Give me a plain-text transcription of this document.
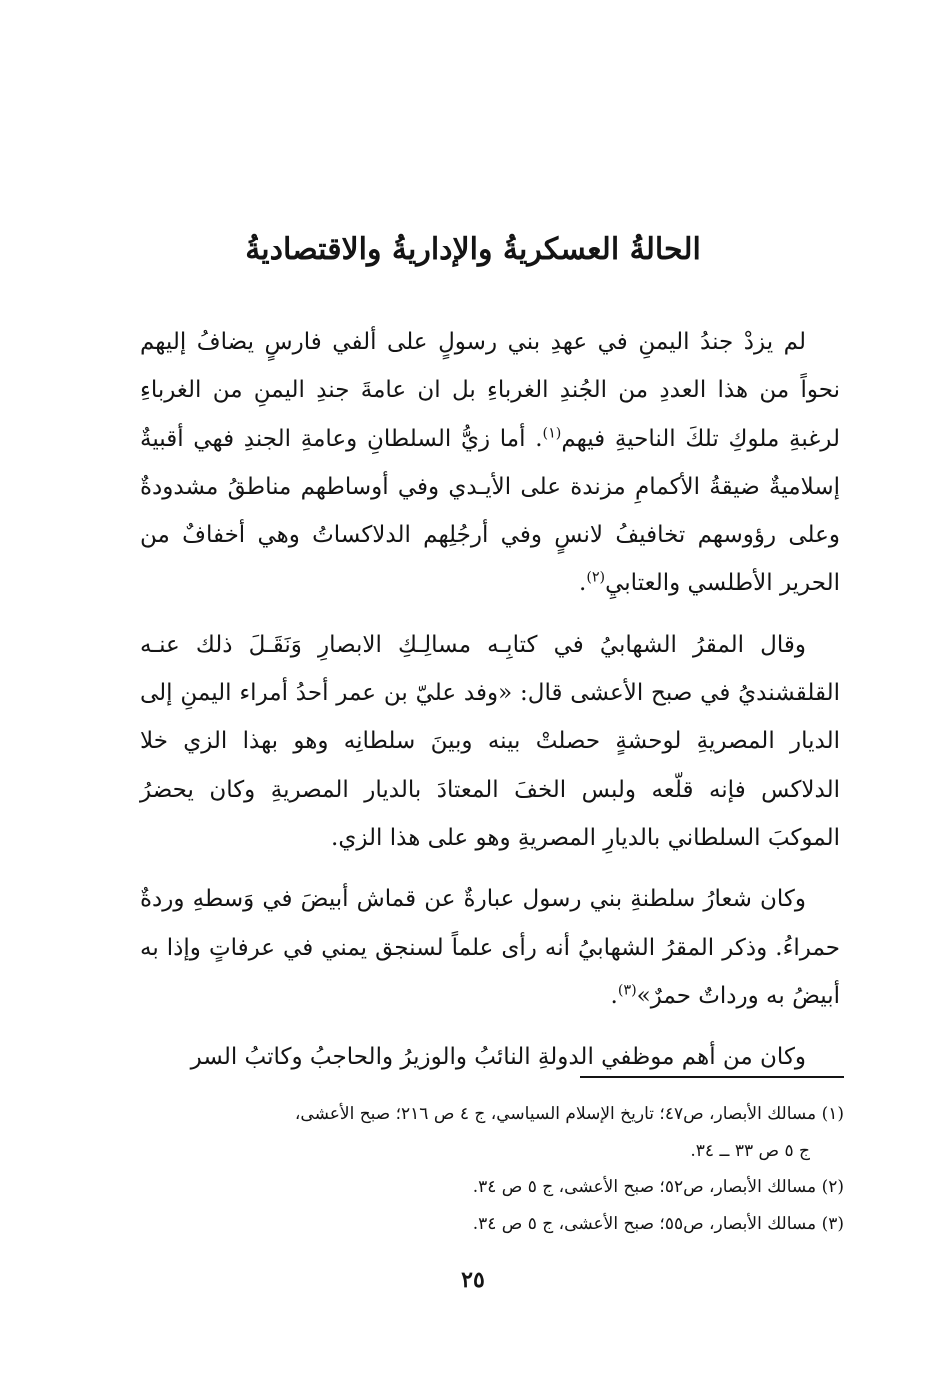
الحالةُ العسكريةُ والإداريةُ والاقتصاديةُ

لم يزدْ جندُ اليمنِ في عهدِ بني رسولٍ على ألفي فارسٍ يضافُ إليهم نحواً من هذا العددِ من الجُندِ الغرباءِ بل ان عامةَ جندِ اليمنِ من الغرباءِ لرغبةِ ملوكِ تلكَ الناحيةِ فيهم$^{(١)}$. أما زيُّ السلطانِ وعامةِ الجندِ فهي أقبيةٌ إسلاميةٌ ضيقةُ الأكمامِ مزندة على الأيـدي وفي أوساطهم مناطقُ مشدودةٌ وعلى رؤوسهم تخافيفُ لانسٍ وفي أرجُلِهم الدلاكساتُ وهي أخفافٌ من الحرير الأطلسي والعتابيِ$^{(٢)}$.

وقال المقرُ الشهابيُ في كتابِـه مسالِـكِ الابصارِ وَنَقَـلَ ذلك عنـه القلقشنديُ في صبح الأعشى قال: «وفد عليّ بن عمر أحدُ أمراء اليمنِ إلى الديار المصريةِ لوحشةٍ حصلتْ بينه وبينَ سلطانِه وهو بهذا الزي خلا الدلاكس فإنه قلّعه ولبس الخفَ المعتادَ بالديار المصريةِ وكان يحضرُ الموكبَ السلطاني بالديارِ المصريةِ وهو على هذا الزي.

وكان شعارُ سلطنةِ بني رسول عبارةٌ عن قماش أبيضَ في وَسطهِ وردةٌ حمراءُ. وذكر المقرُ الشهابيُ أنه رأى علماً لسنجق يمني في عرفاتٍ وإذا به أبيضُ به ورداتٌ حمرٌ»$^{(٣)}$.

وكان من أهم موظفي الدولةِ النائبُ والوزيرُ والحاجبُ وكاتبُ السر

(١) مسالك الأبصار، ص٤٧؛ تاريخ الإسلام السياسي، ج ٤ ص ٢١٦؛ صبح الأعشى،
ج ٥ ص ٣٣ ــ ٣٤.
(٢) مسالك الأبصار، ص٥٢؛ صبح الأعشى، ج ٥ ص ٣٤.
(٣) مسالك الأبصار، ص٥٥؛ صبح الأعشى، ج ٥ ص ٣٤.
٢٥
